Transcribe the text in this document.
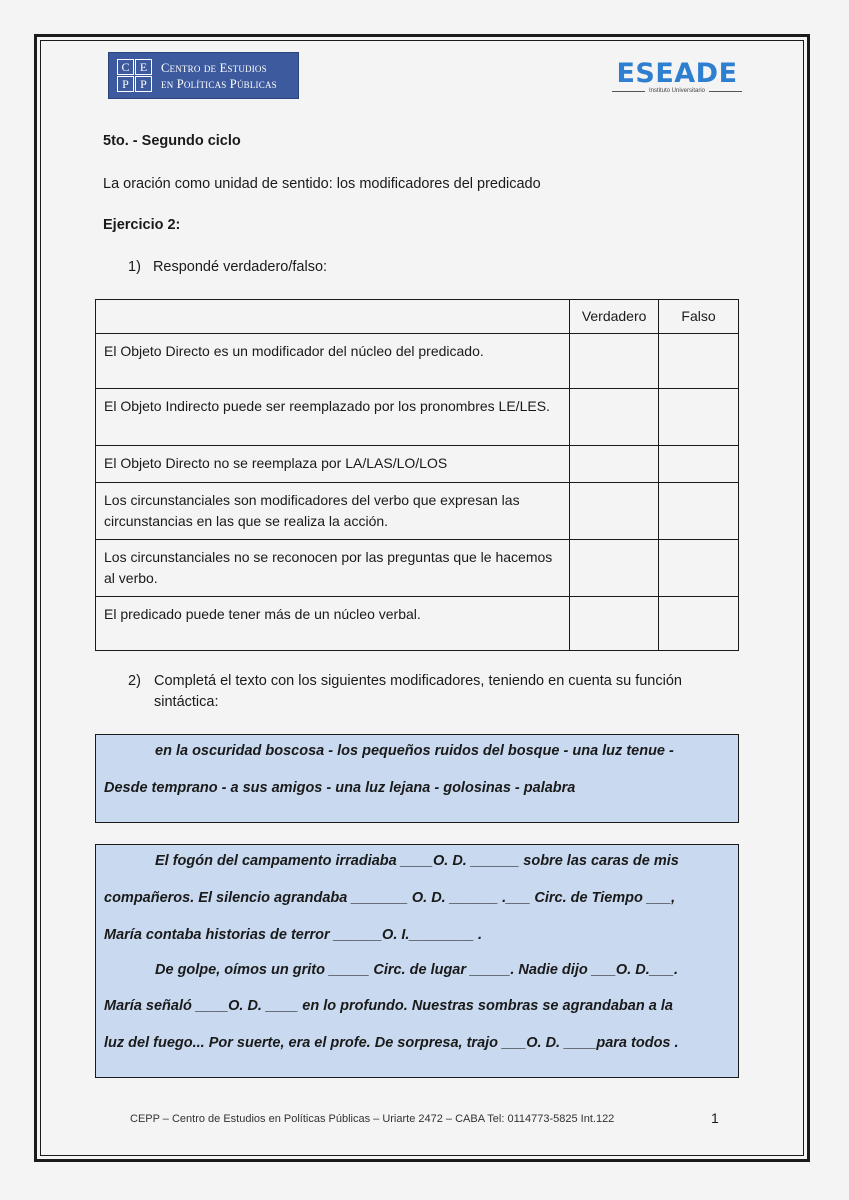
C E
P P
Centro de Estudios
en Políticas Públicas	ESEADE
Instituto Universitario
5to. - Segundo ciclo
La oración como unidad de sentido: los modificadores del predicado
Ejercicio 2:
1) Respondé verdadero/falso:
	Verdadero	Falso
El Objeto Directo es un modificador del núcleo del predicado.		
El Objeto Indirecto puede ser reemplazado por los pronombres LE/LES.		
El Objeto Directo no se reemplaza por LA/LAS/LO/LOS		
Los circunstanciales son modificadores del verbo que expresan las circunstancias en las que se realiza la acción.		
Los circunstanciales no se reconocen por las preguntas que le hacemos al verbo.		
El predicado puede tener más de un núcleo verbal.		
2) Completá el texto con los siguientes modificadores, teniendo en cuenta su función sintáctica:

en la oscuridad boscosa - los pequeños ruidos del bosque - una luz tenue -

Desde temprano - a sus amigos - una luz lejana - golosinas - palabra

El fogón del campamento irradiaba ____O. D. ______ sobre las caras de mis

compañeros. El silencio agrandaba _______ O. D. ______ .___ Circ. de Tiempo ___,

María contaba historias de terror ______O. I.________ .

De golpe, oímos un grito _____ Circ. de lugar _____. Nadie dijo ___O. D.___.

María señaló ____O. D. ____ en lo profundo. Nuestras sombras se agrandaban a la

luz del fuego... Por suerte, era el profe. De sorpresa, trajo ___O. D. ____para todos .

CEPP – Centro de Estudios en Políticas Públicas – Uriarte 2472 – CABA Tel: 0114773-5825 Int.122	1
